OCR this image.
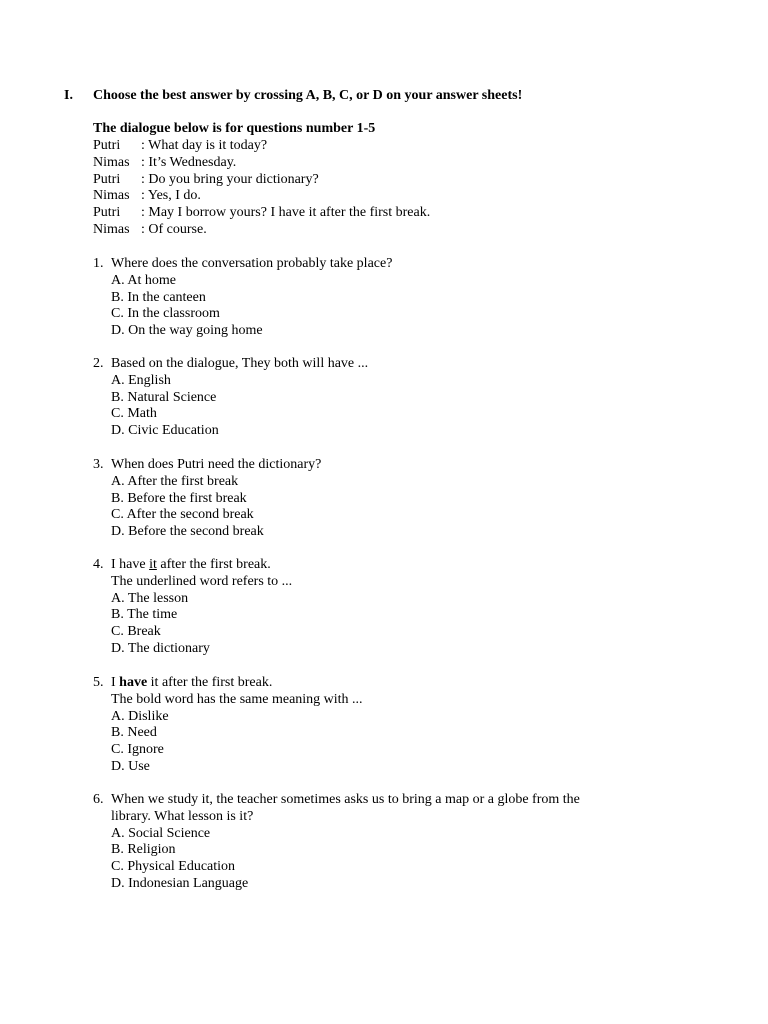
I. Choose the best answer by crossing A, B, C, or D on your answer sheets!
The dialogue below is for questions number 1-5
Putri : What day is it today?
Nimas : It’s Wednesday.
Putri : Do you bring your dictionary?
Nimas : Yes, I do.
Putri : May I borrow yours? I have it after the first break.
Nimas : Of course.
1. Where does the conversation probably take place?
A. At home
B. In the canteen
C. In the classroom
D. On the way going home
2. Based on the dialogue, They both will have ...
A. English
B. Natural Science
C. Math
D. Civic Education
3. When does Putri need the dictionary?
A. After the first break
B. Before the first break
C. After the second break
D. Before the second break
4. I have it after the first break.
The underlined word refers to ...
A. The lesson
B. The time
C. Break
D. The dictionary
5. I have it after the first break.
The bold word has the same meaning with ...
A. Dislike
B. Need
C. Ignore
D. Use
6. When we study it, the teacher sometimes asks us to bring a map or a globe from the
library. What lesson is it?
A. Social Science
B. Religion
C. Physical Education
D. Indonesian Language
